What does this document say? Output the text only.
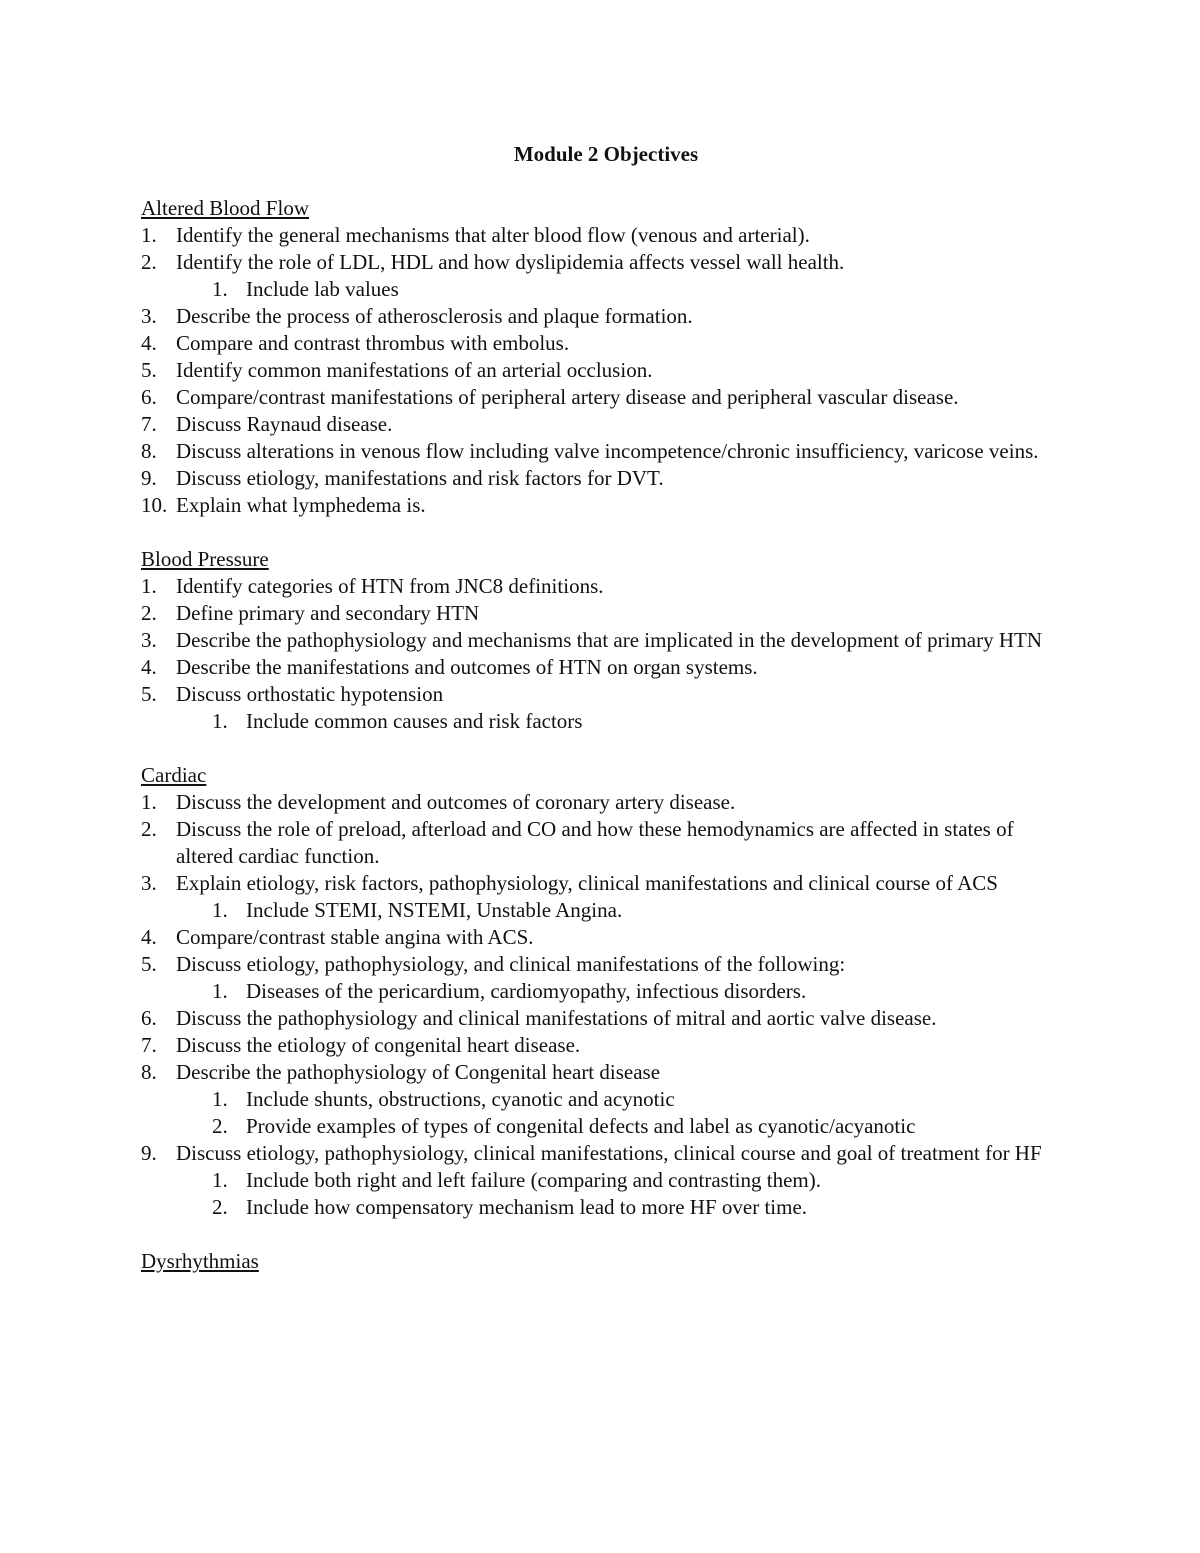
Module 2 Objectives
Altered Blood Flow
1. Identify the general mechanisms that alter blood flow (venous and arterial).
2. Identify the role of LDL, HDL and how dyslipidemia affects vessel wall health.
1. Include lab values
3. Describe the process of atherosclerosis and plaque formation.
4. Compare and contrast thrombus with embolus.
5. Identify common manifestations of an arterial occlusion.
6. Compare/contrast manifestations of peripheral artery disease and peripheral vascular disease.
7. Discuss Raynaud disease.
8. Discuss alterations in venous flow including valve incompetence/chronic insufficiency, varicose veins.
9. Discuss etiology, manifestations and risk factors for DVT.
10. Explain what lymphedema is.
Blood Pressure
1. Identify categories of HTN from JNC8 definitions.
2. Define primary and secondary HTN
3. Describe the pathophysiology and mechanisms that are implicated in the development of primary HTN
4. Describe the manifestations and outcomes of HTN on organ systems.
5. Discuss orthostatic hypotension
1. Include common causes and risk factors
Cardiac
1. Discuss the development and outcomes of coronary artery disease.
2. Discuss the role of preload, afterload and CO and how these hemodynamics are affected in states of altered cardiac function.
3. Explain etiology, risk factors, pathophysiology, clinical manifestations and clinical course of ACS
1. Include STEMI, NSTEMI, Unstable Angina.
4. Compare/contrast stable angina with ACS.
5. Discuss etiology, pathophysiology, and clinical manifestations of the following:
1. Diseases of the pericardium, cardiomyopathy, infectious disorders.
6. Discuss the pathophysiology and clinical manifestations of mitral and aortic valve disease.
7. Discuss the etiology of congenital heart disease.
8. Describe the pathophysiology of Congenital heart disease
1. Include shunts, obstructions, cyanotic and acynotic
2. Provide examples of types of congenital defects and label as cyanotic/acyanotic
9. Discuss etiology, pathophysiology, clinical manifestations, clinical course and goal of treatment for HF
1. Include both right and left failure (comparing and contrasting them).
2. Include how compensatory mechanism lead to more HF over time.
Dysrhythmias
